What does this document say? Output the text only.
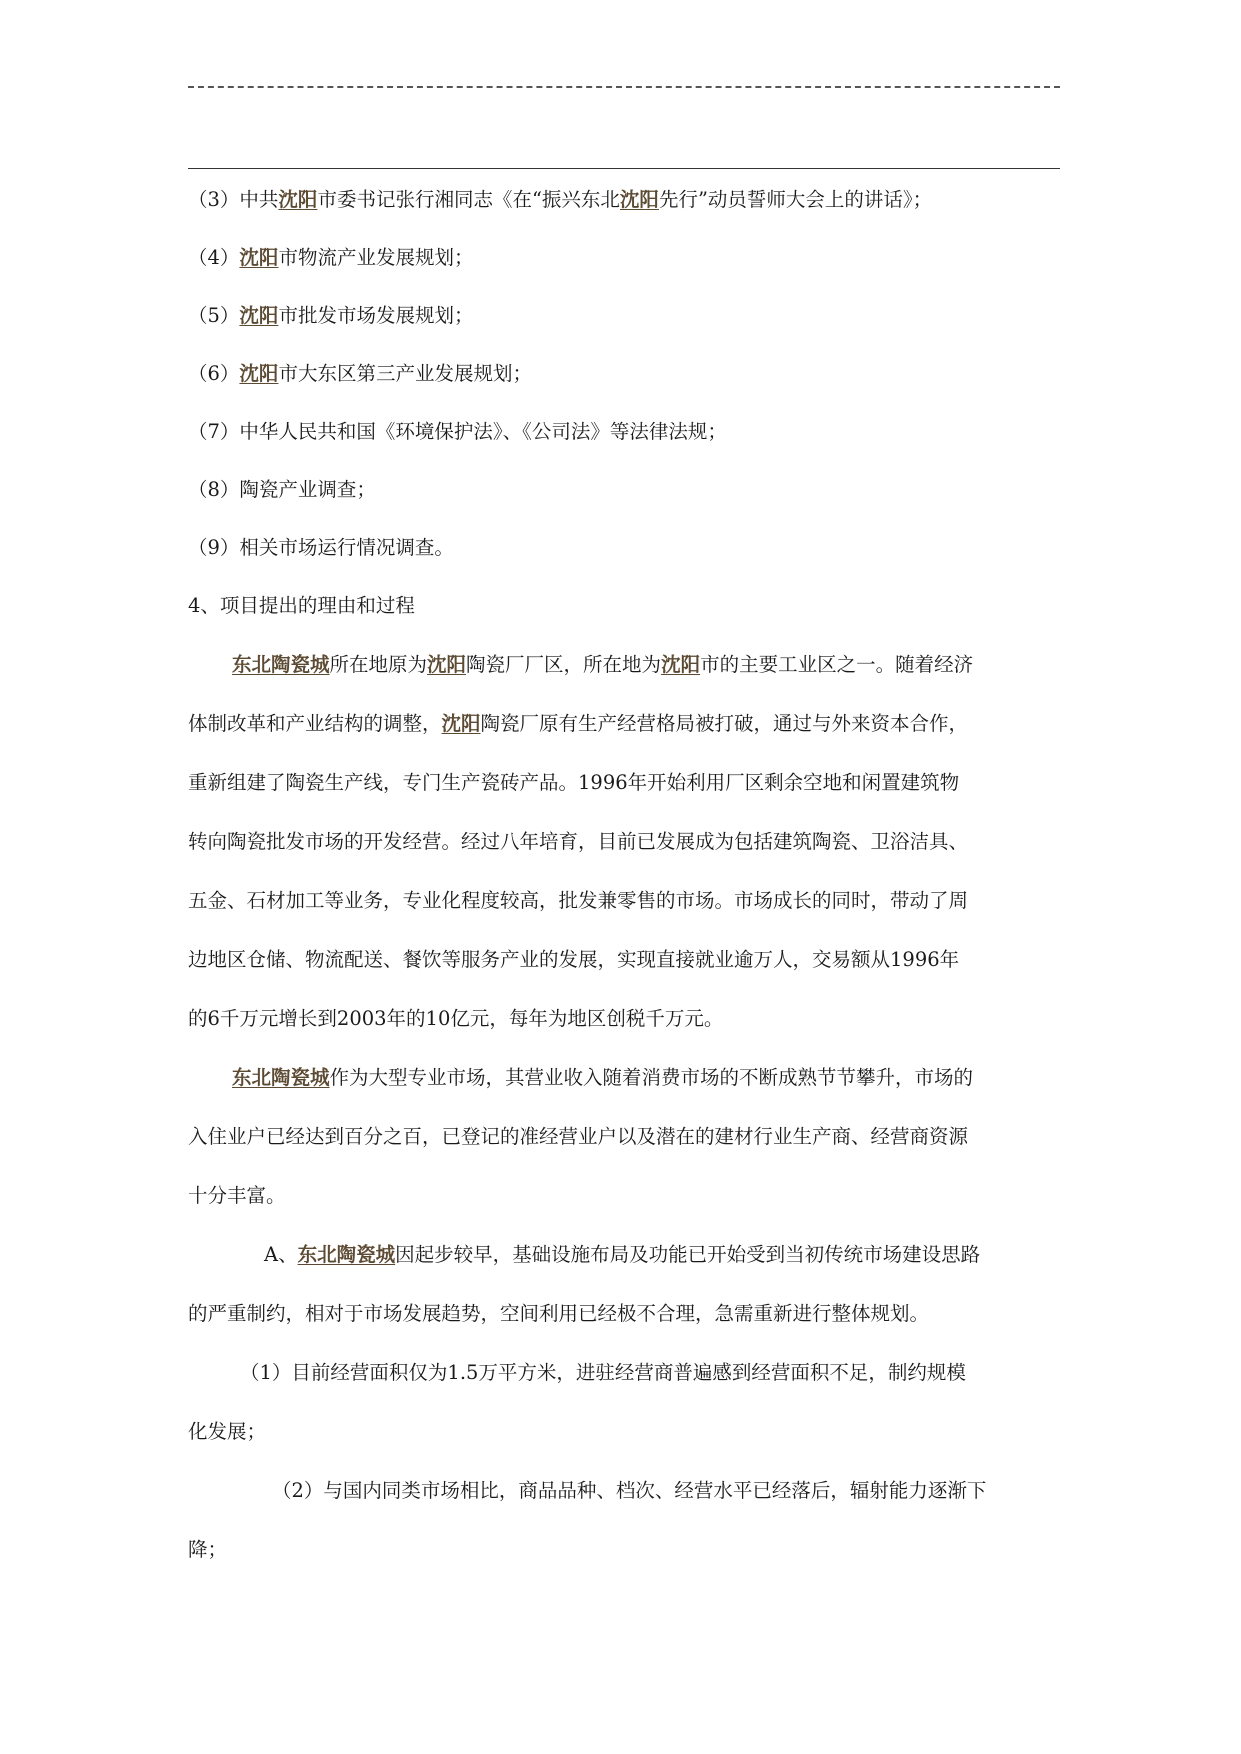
（3）中共沈阳市委书记张行湘同志《在“振兴东北沈阳先行”动员誓师大会上的讲话》；
（4）沈阳市物流产业发展规划；
（5）沈阳市批发市场发展规划；
（6）沈阳市大东区第三产业发展规划；
（7）中华人民共和国《环境保护法》、《公司法》等法律法规；
（8）陶瓷产业调查；
（9）相关市场运行情况调查。
4、项目提出的理由和过程
东北陶瓷城所在地原为沈阳陶瓷厂厂区，所在地为沈阳市的主要工业区之一。随着经济
体制改革和产业结构的调整，沈阳陶瓷厂原有生产经营格局被打破，通过与外来资本合作，
重新组建了陶瓷生产线，专门生产瓷砖产品。1996年开始利用厂区剩余空地和闲置建筑物
转向陶瓷批发市场的开发经营。经过八年培育，目前已发展成为包括建筑陶瓷、卫浴洁具、
五金、石材加工等业务，专业化程度较高，批发兼零售的市场。市场成长的同时，带动了周
边地区仓储、物流配送、餐饮等服务产业的发展，实现直接就业逾万人，交易额从1996年
的6千万元增长到2003年的10亿元，每年为地区创税千万元。
东北陶瓷城作为大型专业市场，其营业收入随着消费市场的不断成熟节节攀升，市场的
入住业户已经达到百分之百，已登记的准经营业户以及潜在的建材行业生产商、经营商资源
十分丰富。
A、东北陶瓷城因起步较早，基础设施布局及功能已开始受到当初传统市场建设思路
的严重制约，相对于市场发展趋势，空间利用已经极不合理，急需重新进行整体规划。
（1）目前经营面积仅为1.5万平方米，进驻经营商普遍感到经营面积不足，制约规模
化发展；
（2）与国内同类市场相比，商品品种、档次、经营水平已经落后，辐射能力逐渐下
降；
